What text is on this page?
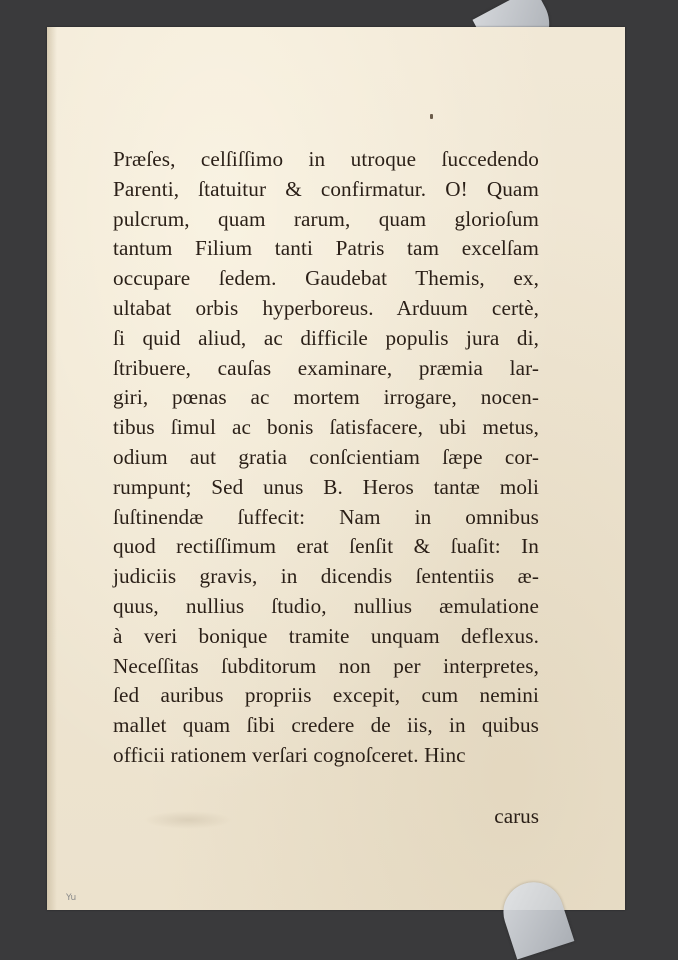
Præſes, celſiſſimo in utroque ſuccedendo
Parenti, ſtatuitur & confirmatur. O! Quam
pulcrum, quam rarum, quam glorioſum
tantum Filium tanti Patris tam excelſam
occupare ſedem. Gaudebat Themis, ex,
ultabat orbis hyperboreus. Arduum certè,
ſi quid aliud, ac difficile populis jura di,
ſtribuere, cauſas examinare, præmia lar-
giri, pœnas ac mortem irrogare, nocen-
tibus ſimul ac bonis ſatisfacere, ubi metus,
odium aut gratia conſcientiam ſæpe cor-
rumpunt; Sed unus B. Heros tantæ moli
ſuſtinendæ ſuffecit: Nam in omnibus
quod rectiſſimum erat ſenſit & ſuaſit: In
judiciis gravis, in dicendis ſententiis æ-
quus, nullius ſtudio, nullius æmulatione
à veri bonique tramite unquam deflexus.
Neceſſitas ſubditorum non per interpretes,
ſed auribus propriis excepit, cum nemini
mallet quam ſibi credere de iis, in quibus
officii rationem verſari cognoſceret. Hinc
carus
Yu
